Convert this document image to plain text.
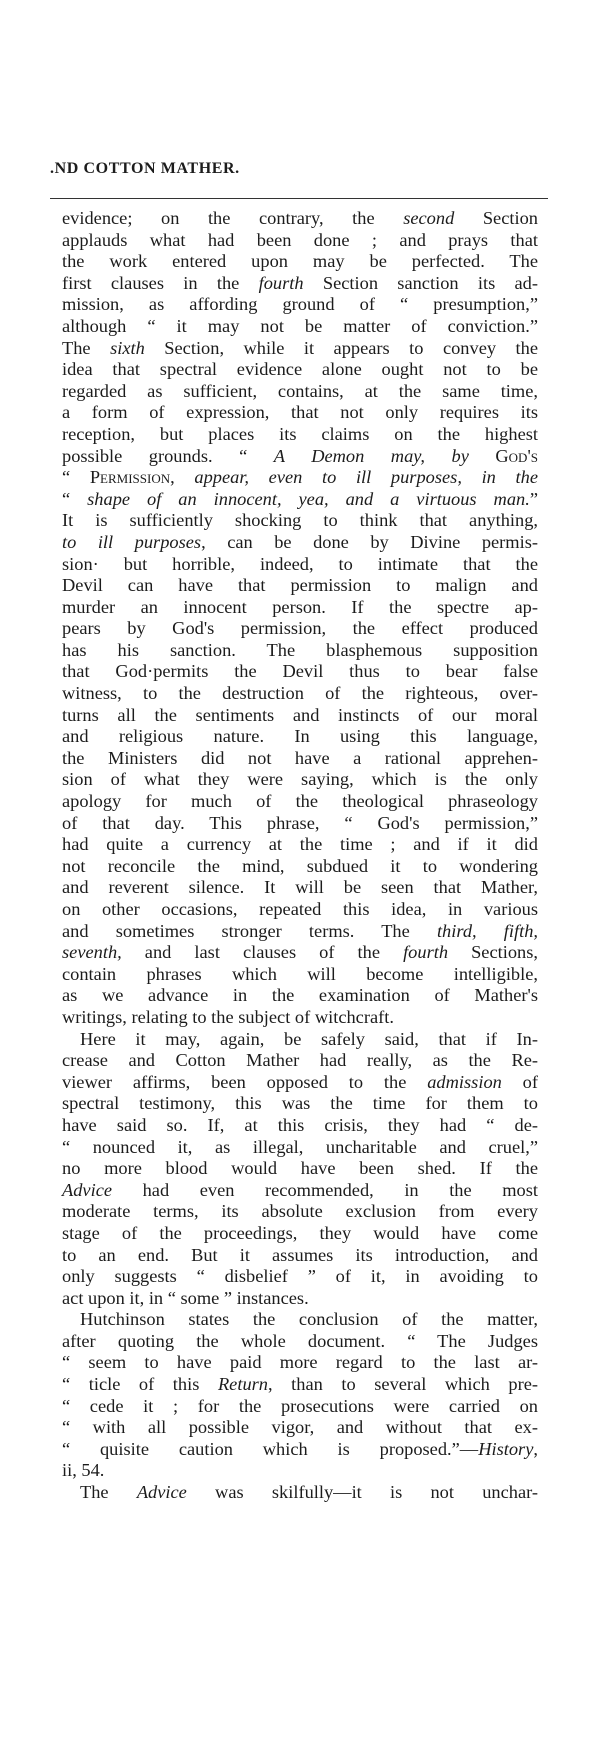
.ND COTTON MATHER.
evidence; on the contrary, the second Section
applauds what had been done ; and prays that
the work entered upon may be perfected. The
first clauses in the fourth Section sanction its ad-
mission, as affording ground of “ presumption,”
although “ it may not be matter of conviction.”
The sixth Section, while it appears to convey the
idea that spectral evidence alone ought not to be
regarded as sufficient, contains, at the same time,
a form of expression, that not only requires its
reception, but places its claims on the highest
possible grounds. “ A Demon may, by God's
“ Permission, appear, even to ill purposes, in the
“ shape of an innocent, yea, and a virtuous man.”
It is sufficiently shocking to think that anything,
to ill purposes, can be done by Divine permis-
sion· but horrible, indeed, to intimate that the
Devil can have that permission to malign and
murder an innocent person. If the spectre ap-
pears by God's permission, the effect produced
has his sanction. The blasphemous supposition
that God·permits the Devil thus to bear false
witness, to the destruction of the righteous, over-
turns all the sentiments and instincts of our moral
and religious nature. In using this language,
the Ministers did not have a rational apprehen-
sion of what they were saying, which is the only
apology for much of the theological phraseology
of that day. This phrase, “ God's permission,”
had quite a currency at the time ; and if it did
not reconcile the mind, subdued it to wondering
and reverent silence. It will be seen that Mather,
on other occasions, repeated this idea, in various
and sometimes stronger terms. The third, fifth,
seventh, and last clauses of the fourth Sections,
contain phrases which will become intelligible,
as we advance in the examination of Mather's
writings, relating to the subject of witchcraft.
Here it may, again, be safely said, that if In-
crease and Cotton Mather had really, as the Re-
viewer affirms, been opposed to the admission of
spectral testimony, this was the time for them to
have said so. If, at this crisis, they had “ de-
“ nounced it, as illegal, uncharitable and cruel,”
no more blood would have been shed. If the
Advice had even recommended, in the most
moderate terms, its absolute exclusion from every
stage of the proceedings, they would have come
to an end. But it assumes its introduction, and
only suggests “ disbelief ” of it, in avoiding to
act upon it, in “ some ” instances.
Hutchinson states the conclusion of the matter,
after quoting the whole document. “ The Judges
“ seem to have paid more regard to the last ar-
“ ticle of this Return, than to several which pre-
“ cede it ; for the prosecutions were carried on
“ with all possible vigor, and without that ex-
“ quisite caution which is proposed.”—History,
ii, 54.
The Advice was skilfully—it is not unchar-
